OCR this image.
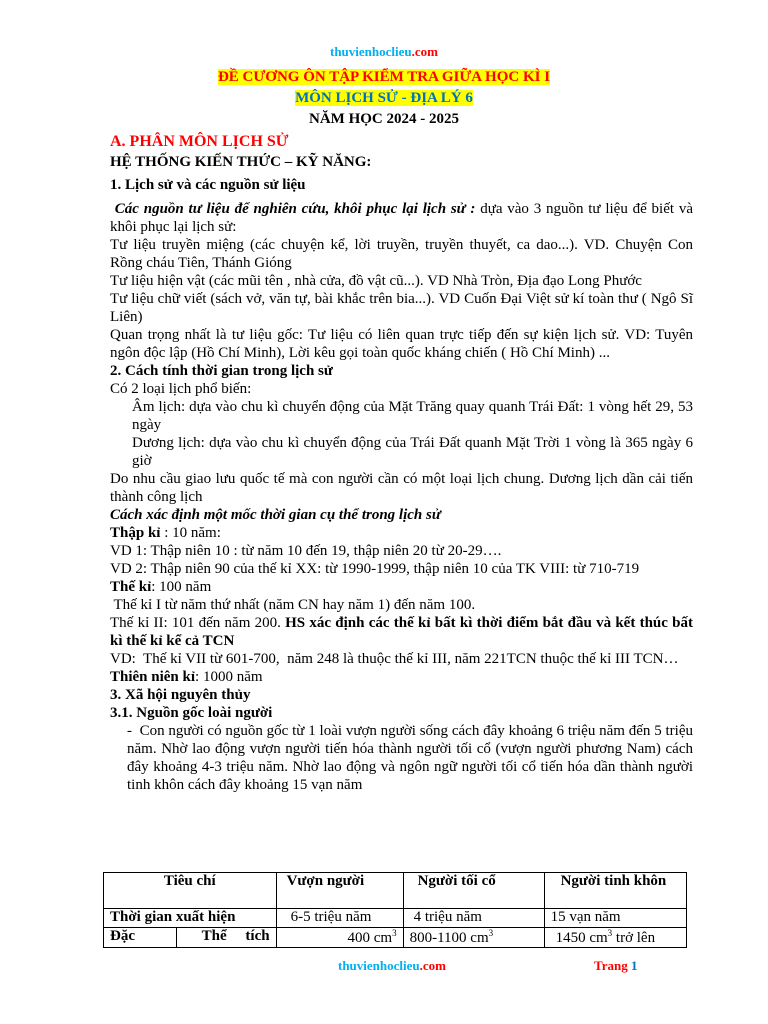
thuvienhoclieu.com
ĐỀ CƯƠNG ÔN TẬP KIỂM TRA GIỮA HỌC KÌ I
MÔN LỊCH SỬ - ĐỊA LÝ 6
NĂM HỌC 2024 - 2025

A. PHÂN MÔN LỊCH SỬ

HỆ THỐNG KIẾN THỨC – KỸ NĂNG:

1. Lịch sử và các nguồn sử liệu

Các nguồn tư liệu để nghiên cứu, khôi phục lại lịch sử : dựa vào 3 nguồn tư liệu để biết và khôi phục lại lịch sử:

Tư liệu truyền miệng (các chuyện kể, lời truyền, truyền thuyết, ca dao...). VD. Chuyện Con Rồng cháu Tiên, Thánh Gióng

Tư liệu hiện vật (các mũi tên , nhà cửa, đồ vật cũ...). VD Nhà Tròn, Địa đạo Long Phước

Tư liệu chữ viết (sách vở, văn tự, bài khắc trên bia...). VD Cuốn Đại Việt sử kí toàn thư ( Ngô Sĩ Liên)

Quan trọng nhất là tư liệu gốc: Tư liệu có liên quan trực tiếp đến sự kiện lịch sử. VD: Tuyên ngôn độc lập (Hồ Chí Minh), Lời kêu gọi toàn quốc kháng chiến ( Hồ Chí Minh) ...

2. Cách tính thời gian trong lịch sử

Có 2 loại lịch phổ biến:

Âm lịch: dựa vào chu kì chuyển động của Mặt Trăng quay quanh Trái Đất: 1 vòng hết 29, 53 ngày

Dương lịch: dựa vào chu kì chuyển động của Trái Đất quanh Mặt Trời 1 vòng là 365 ngày 6 giờ

Do nhu cầu giao lưu quốc tế mà con người cần có một loại lịch chung. Dương lịch dần cải tiến thành công lịch

Cách xác định một mốc thời gian cụ thể trong lịch sử

Thập kỉ : 10 năm:

VD 1: Thập niên 10 : từ năm 10 đến 19, thập niên 20 từ 20-29….

VD 2: Thập niên 90 của thế kỉ XX: từ 1990-1999, thập niên 10 của TK VIII: từ 710-719

Thế kỉ: 100 năm

Thế kỉ I từ năm thứ nhất (năm CN hay năm 1) đến năm 100.

Thế kỉ II: 101 đến năm 200. HS xác định các thế kỉ bất kì thời điểm bắt đầu và kết thúc bất kì thế kỉ kể cả TCN

VD:  Thế kỉ VII từ 601-700,  năm 248 là thuộc thế kỉ III, năm 221TCN thuộc thế kỉ III TCN…

Thiên niên kỉ: 1000 năm

3. Xã hội nguyên thủy

3.1. Nguồn gốc loài người

-  Con người có nguồn gốc từ 1 loài vượn người sống cách đây khoảng 6 triệu năm đến 5 triệu năm. Nhờ lao động vượn người tiến hóa thành người tối cổ (vượn người phương Nam) cách đây khoảng 4-3 triệu năm. Nhờ lao động và ngôn ngữ người tối cổ tiến hóa dần thành người tinh khôn cách đây khoảng 15 vạn năm

Tiêu chí		Vượn người	Người tối cổ	Người tinh khôn
Thời gian xuất hiện		6-5 triệu năm	4 triệu năm	15 vạn năm
Đặc	Thể     tích	400 $cm^3$	800-1100 $cm^3$	1450 $cm^3$ trở lên
thuvienhoclieu.com	Trang 1
